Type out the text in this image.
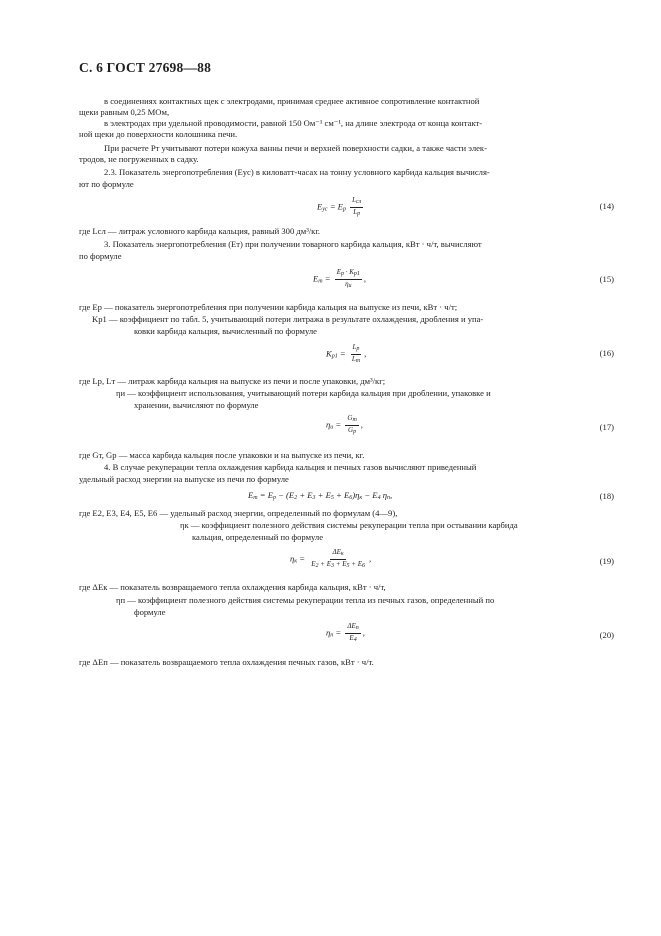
С. 6 ГОСТ 27698—88
в соединениях контактных щек с электродами, принимая среднее активное сопротивление контактной
щеки равным 0,25 МОм,
в электродах при удельной проводимости, равной 150 Ом⁻¹ см⁻¹, на длине электрода от конца контакт-
ной щеки до поверхности колошника печи.
При расчете Pт учитывают потери кожуха ванны печи и верхней поверхности садки, а также части элек-
тродов, не погруженных в садку.
2.3. Показатель энергопотребления (Eус) в киловатт-часах на тонну условного карбида кальция вычисля-
ют по формуле
$E_{ус} = E_р \frac{L_{сл}}{L_р}$	(14)
где Lсл — литраж условного карбида кальция, равный 300 дм³/кг.
3. Показатель энергопотребления (Eт) при получении товарного карбида кальция, кВт · ч/т, вычисляют
по формуле
$E_т = \frac{E_р \cdot K_{р1}}{\eta_и}$ ,	(15)
где Eр — показатель энергопотребления при получении карбида кальция на выпуске из печи, кВт · ч/т;
Kр1 — коэффициент по табл. 5, учитывающий потери литража в результате охлаждения, дробления и упа-
ковки карбида кальция, вычисленный по формуле
$K_{р1} = \frac{L_р}{L_т}$ ,	(16)
где Lр, Lт — литраж карбида кальция на выпуске из печи и после упаковки, дм³/кг;
ηи — коэффициент использования, учитывающий потери карбида кальция при дроблении, упаковке и
хранении, вычисляют по формуле
$\eta_и = \frac{G_т}{G_р}$ ,	(17)
где Gт, Gр — масса карбида кальция после упаковки и на выпуске из печи, кг.
4. В случае рекуперации тепла охлаждения карбида кальция и печных газов вычисляют приведенный
удельный расход энергии на выпуске из печи по формуле
$E_т = E_р - (E_2 + E_3 + E_5 + E_6)\eta_к - E_4$ $\eta_п$,	(18)
где E2, E3, E4, E5, E6 — удельный расход энергии, определенный по формулам (4—9),
ηк — коэффициент полезного действия системы рекуперации тепла при остывании карбида
кальция, определенный по формуле
$\eta_к = \frac{\Delta E_к}{E_2 + E_3 + E_5 + E_6}$ ,	(19)
где ΔEк — показатель возвращаемого тепла охлаждения карбида кальция, кВт · ч/т,
ηп — коэффициент полезного действия системы рекуперации тепла из печных газов, определенный по
формуле
$\eta_п = \frac{\Delta E_п}{E_4}$ ,	(20)
где ΔEп — показатель возвращаемого тепла охлаждения печных газов, кВт · ч/т.
